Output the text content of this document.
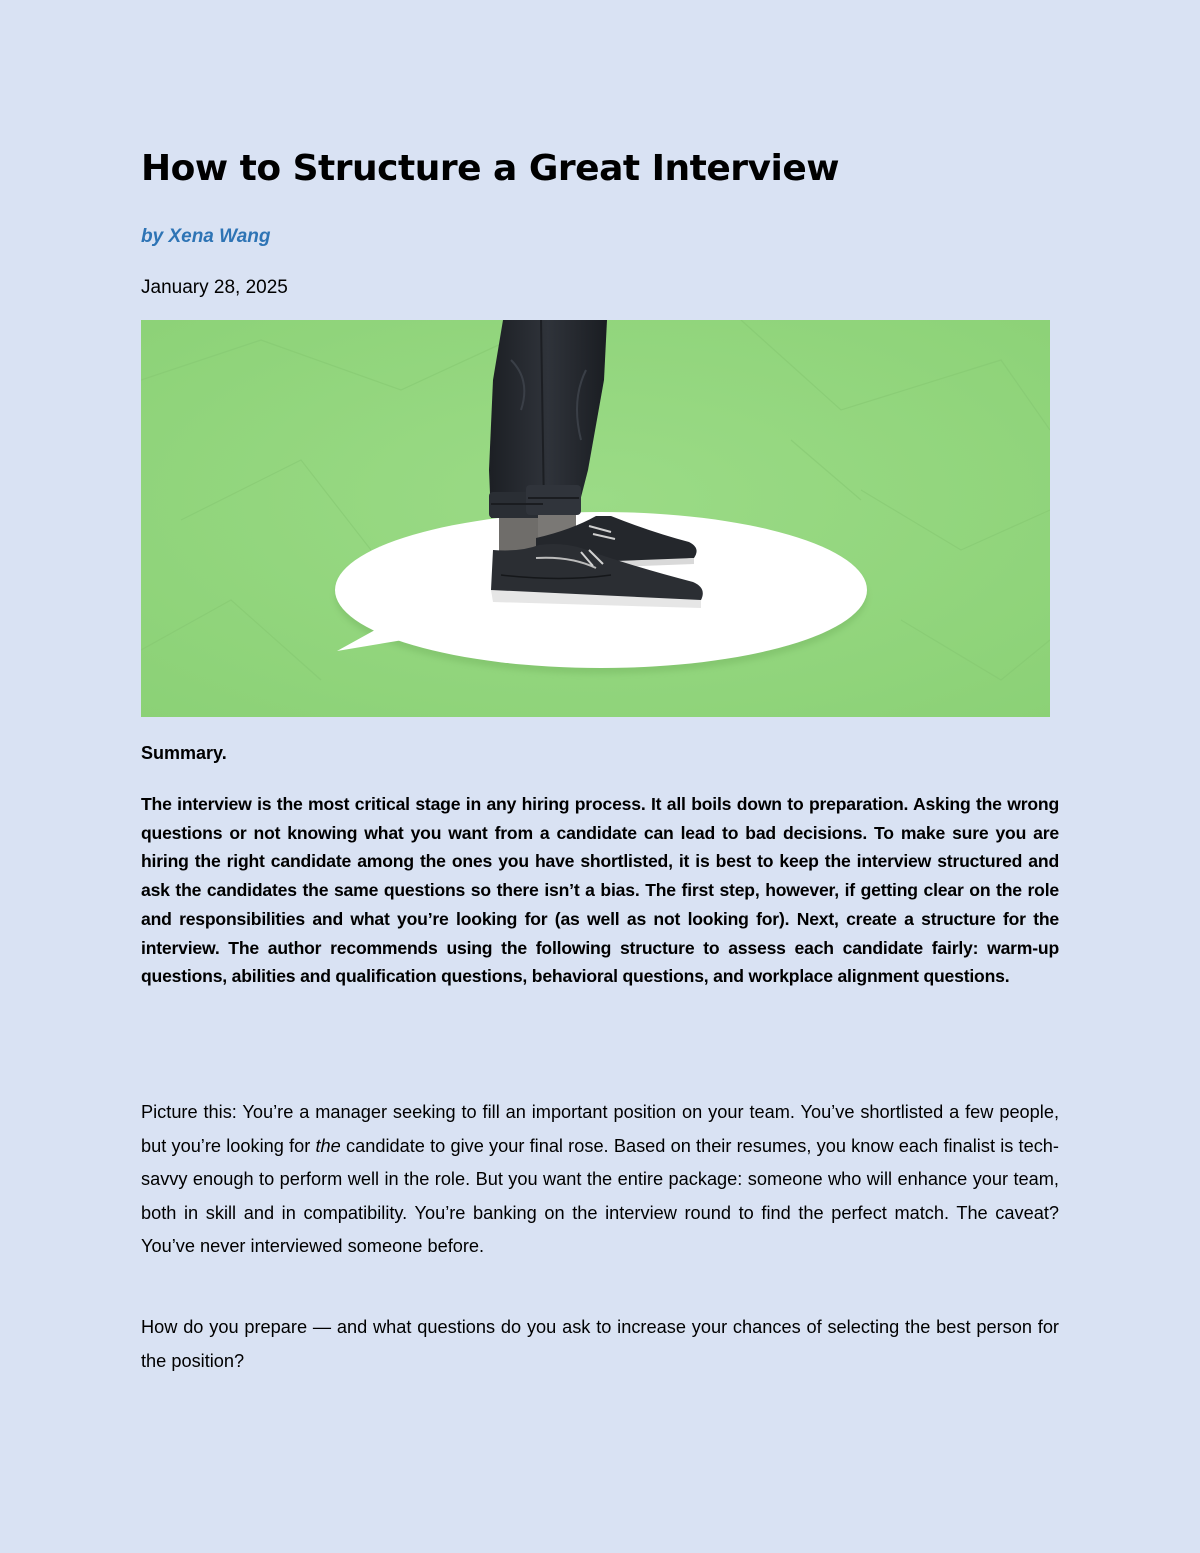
How to Structure a Great Interview
by Xena Wang
January 28, 2025
Summary.

The interview is the most critical stage in any hiring process. It all boils down to preparation. Asking the wrong questions or not knowing what you want from a candidate can lead to bad decisions. To make sure you are hiring the right candidate among the ones you have shortlisted, it is best to keep the interview structured and ask the candidates the same questions so there isn’t a bias. The first step, however, if getting clear on the role and responsibilities and what you’re looking for (as well as not looking for). Next, create a structure for the interview. The author recommends using the following structure to assess each candidate fairly: warm-up questions, abilities and qualification questions, behavioral questions, and workplace alignment questions.

Picture this: You’re a manager seeking to fill an important position on your team. You’ve shortlisted a few people, but you’re looking for the candidate to give your final rose. Based on their resumes, you know each finalist is tech-savvy enough to perform well in the role. But you want the entire package: someone who will enhance your team, both in skill and in compatibility. You’re banking on the interview round to find the perfect match. The caveat? You’ve never interviewed someone before.

How do you prepare — and what questions do you ask to increase your chances of selecting the best person for the position?
